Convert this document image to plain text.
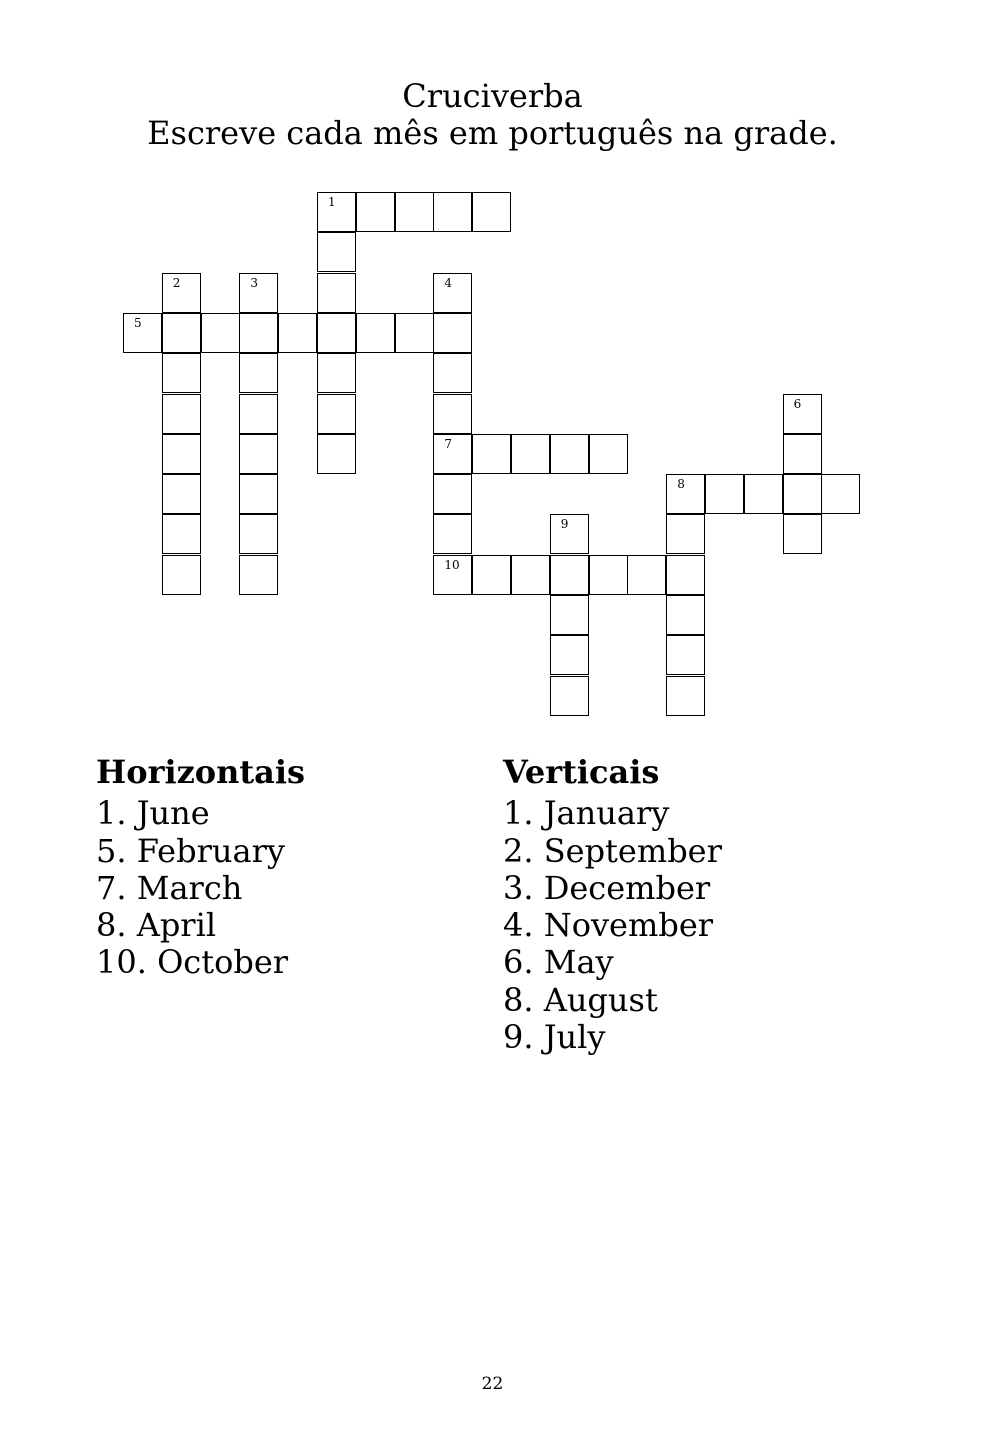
Cruciverba
Escreve cada mês em português na grade.
1
2	3	4
7
10
5
6
8
9
Horizontais
1. June
5. February
7. March
8. April
10. October
Verticais
1. January
2. September
3. December
4. November
6. May
8. August
9. July
22
